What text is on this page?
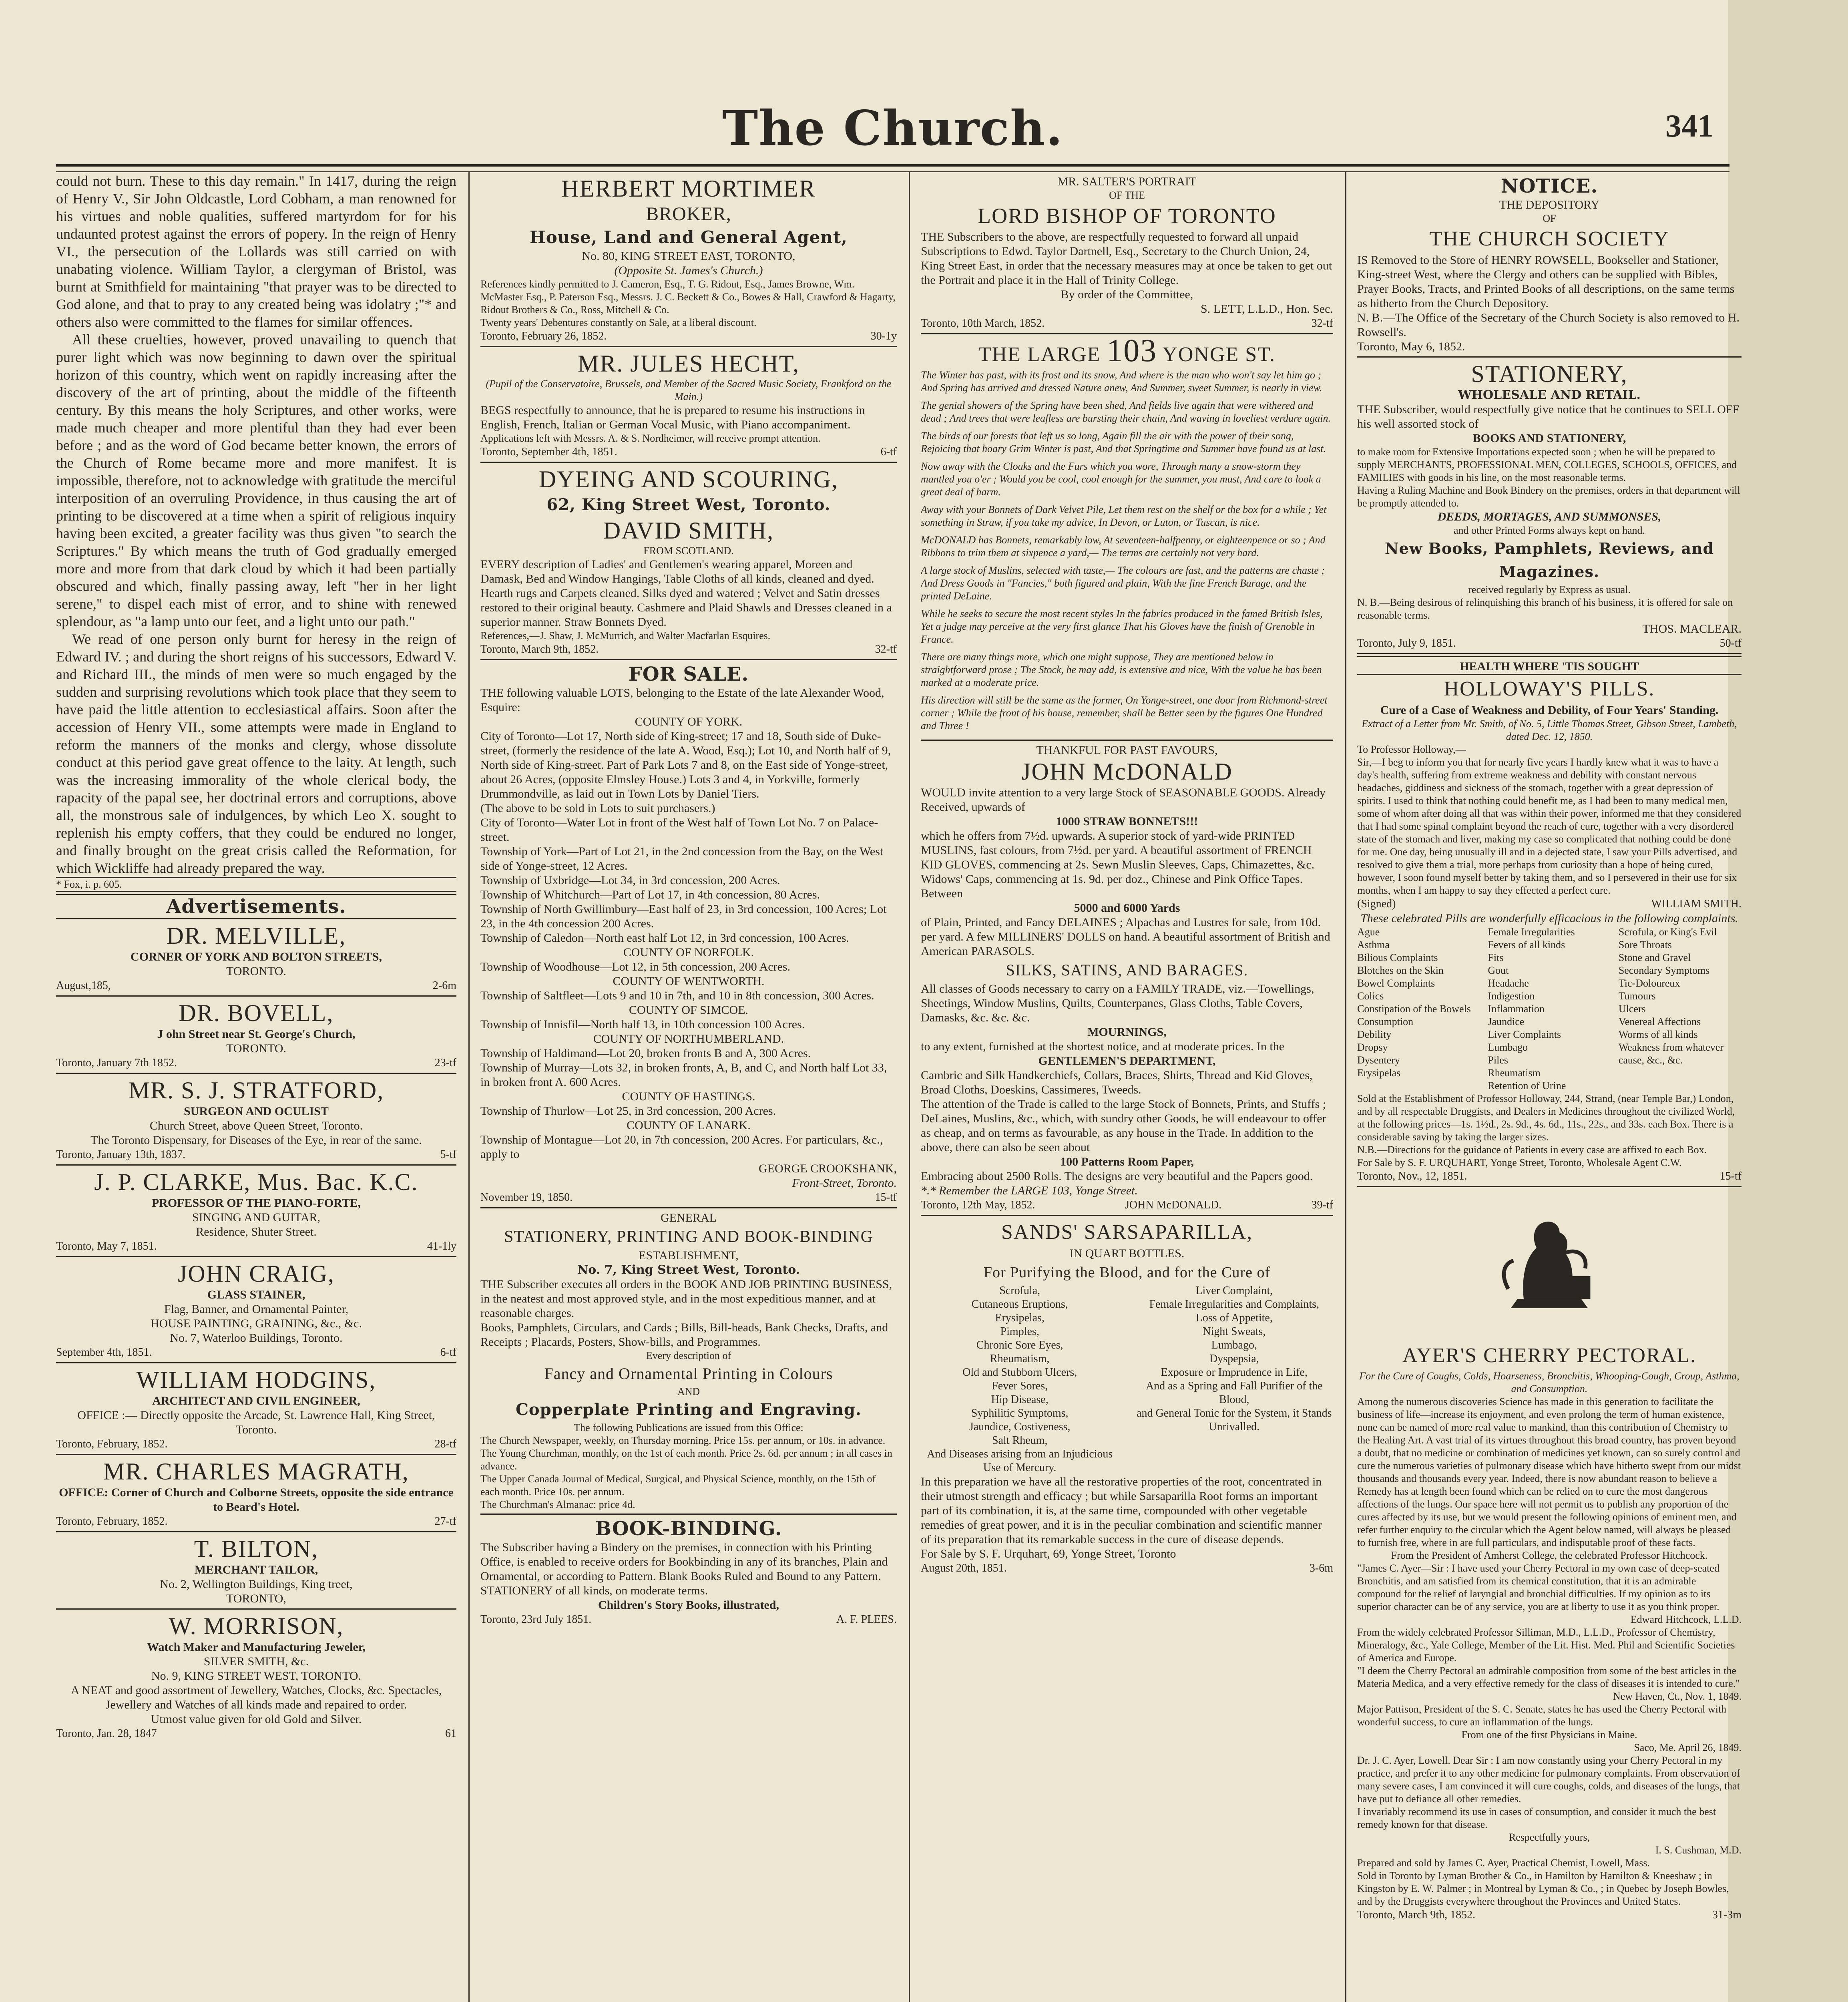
The Church.	341

could not burn. These to this day remain." In 1417, during the reign of Henry V., Sir John Oldcastle, Lord Cobham, a man renowned for his virtues and noble qualities, suffered martyrdom for for his undaunted protest against the errors of popery. In the reign of Henry VI., the persecution of the Lollards was still carried on with unabating violence. William Taylor, a clergyman of Bristol, was burnt at Smithfield for maintaining "that prayer was to be directed to God alone, and that to pray to any created being was idolatry ;"* and others also were committed to the flames for similar offences.

All these cruelties, however, proved unavailing to quench that purer light which was now beginning to dawn over the spiritual horizon of this country, which went on rapidly increasing after the discovery of the art of printing, about the middle of the fifteenth century. By this means the holy Scriptures, and other works, were made much cheaper and more plentiful than they had ever been before ; and as the word of God became better known, the errors of the Church of Rome became more and more manifest. It is impossible, therefore, not to acknowledge with gratitude the merciful interposition of an overruling Providence, in thus causing the art of printing to be discovered at a time when a spirit of religious inquiry having been excited, a greater facility was thus given "to search the Scriptures." By which means the truth of God gradually emerged more and more from that dark cloud by which it had been partially obscured and which, finally passing away, left "her in her light serene," to dispel each mist of error, and to shine with renewed splendour, as "a lamp unto our feet, and a light unto our path."

We read of one person only burnt for heresy in the reign of Edward IV. ; and during the short reigns of his successors, Edward V. and Richard III., the minds of men were so much engaged by the sudden and surprising revolutions which took place that they seem to have paid the little attention to ecclesiastical affairs. Soon after the accession of Henry VII., some attempts were made in England to reform the manners of the monks and clergy, whose dissolute conduct at this period gave great offence to the laity. At length, such was the increasing immorality of the whole clerical body, the rapacity of the papal see, her doctrinal errors and corruptions, above all, the monstrous sale of indulgences, by which Leo X. sought to replenish his empty coffers, that they could be endured no longer, and finally brought on the great crisis called the Reformation, for which Wickliffe had already prepared the way.

* Fox, i. p. 605.

Advertisements.

DR. MELVILLE,

CORNER OF YORK AND BOLTON STREETS,

TORONTO.

August,185,	2-6m

DR. BOVELL,

J ohn Street near St. George's Church,

TORONTO.

Toronto, January 7th 1852.	23-tf

MR. S. J. STRATFORD,

SURGEON AND OCULIST

Church Street, above Queen Street, Toronto.

The Toronto Dispensary, for Diseases of the Eye, in rear of the same.

Toronto, January 13th, 1837.	5-tf

J. P. CLARKE, Mus. Bac. K.C.

PROFESSOR OF THE PIANO-FORTE,

SINGING AND GUITAR,

Residence, Shuter Street.

Toronto, May 7, 1851.	41-1ly

JOHN CRAIG,

GLASS STAINER,

Flag, Banner, and Ornamental Painter,

HOUSE PAINTING, GRAINING, &c., &c.

No. 7, Waterloo Buildings, Toronto.

September 4th, 1851.	6-tf

WILLIAM HODGINS,

ARCHITECT AND CIVIL ENGINEER,

OFFICE :— Directly opposite the Arcade, St. Lawrence Hall, King Street, Toronto.

Toronto, February, 1852.	28-tf

MR. CHARLES MAGRATH,

OFFICE: Corner of Church and Colborne Streets, opposite the side entrance to Beard's Hotel.

Toronto, February, 1852.	27-tf

T. BILTON,

MERCHANT TAILOR,

No. 2, Wellington Buildings, King treet,

TORONTO,

W. MORRISON,

Watch Maker and Manufacturing Jeweler,

SILVER SMITH, &c.

No. 9, KING STREET WEST, TORONTO.

A NEAT and good assortment of Jewellery, Watches, Clocks, &c. Spectacles, Jewellery and Watches of all kinds made and repaired to order.

Utmost value given for old Gold and Silver.

Toronto, Jan. 28, 1847	61

HERBERT MORTIMER

BROKER,

House, Land and General Agent,

No. 80, KING STREET EAST, TORONTO,

(Opposite St. James's Church.)

References kindly permitted to J. Cameron, Esq., T. G. Ridout, Esq., James Browne, Wm. McMaster Esq., P. Paterson Esq., Messrs. J. C. Beckett & Co., Bowes & Hall, Crawford & Hagarty, Ridout Brothers & Co., Ross, Mitchell & Co.

Twenty years' Debentures constantly on Sale, at a liberal discount.

Toronto, February 26, 1852.	30-1y

MR. JULES HECHT,

(Pupil of the Conservatoire, Brussels, and Member of the Sacred Music Society, Frankford on the Main.)

BEGS respectfully to announce, that he is prepared to resume his instructions in English, French, Italian or German Vocal Music, with Piano accompaniment.

Applications left with Messrs. A. & S. Nordheimer, will receive prompt attention.

Toronto, September 4th, 1851.	6-tf

DYEING AND SCOURING,

62, King Street West, Toronto.

DAVID SMITH,

FROM SCOTLAND.

EVERY description of Ladies' and Gentlemen's wearing apparel, Moreen and Damask, Bed and Window Hangings, Table Cloths of all kinds, cleaned and dyed. Hearth rugs and Carpets cleaned. Silks dyed and watered ; Velvet and Satin dresses restored to their original beauty. Cashmere and Plaid Shawls and Dresses cleaned in a superior manner. Straw Bonnets Dyed.

References,—J. Shaw, J. McMurrich, and Walter Macfarlan Esquires.

Toronto, March 9th, 1852.	32-tf

FOR SALE.

THE following valuable LOTS, belonging to the Estate of the late Alexander Wood, Esquire:

COUNTY OF YORK.

City of Toronto—Lot 17, North side of King-street; 17 and 18, South side of Duke-street, (formerly the residence of the late A. Wood, Esq.); Lot 10, and North half of 9, North side of King-street. Part of Park Lots 7 and 8, on the East side of Yonge-street, about 26 Acres, (opposite Elmsley House.) Lots 3 and 4, in Yorkville, formerly Drummondville, as laid out in Town Lots by Daniel Tiers.

(The above to be sold in Lots to suit purchasers.)

City of Toronto—Water Lot in front of the West half of Town Lot No. 7 on Palace-street.

Township of York—Part of Lot 21, in the 2nd concession from the Bay, on the West side of Yonge-street, 12 Acres.

Township of Uxbridge—Lot 34, in 3rd concession, 200 Acres.

Township of Whitchurch—Part of Lot 17, in 4th concession, 80 Acres.

Township of North Gwillimbury—East half of 23, in 3rd concession, 100 Acres; Lot 23, in the 4th concession 200 Acres.

Township of Caledon—North east half Lot 12, in 3rd concession, 100 Acres.

COUNTY OF NORFOLK.

Township of Woodhouse—Lot 12, in 5th concession, 200 Acres.

COUNTY OF WENTWORTH.

Township of Saltfleet—Lots 9 and 10 in 7th, and 10 in 8th concession, 300 Acres.

COUNTY OF SIMCOE.

Township of Innisfil—North half 13, in 10th concession 100 Acres.

COUNTY OF NORTHUMBERLAND.

Township of Haldimand—Lot 20, broken fronts B and A, 300 Acres.

Township of Murray—Lots 32, in broken fronts, A, B, and C, and North half Lot 33, in broken front A. 600 Acres.

COUNTY OF HASTINGS.

Township of Thurlow—Lot 25, in 3rd concession, 200 Acres.

COUNTY OF LANARK.

Township of Montague—Lot 20, in 7th concession, 200 Acres. For particulars, &c., apply to

GEORGE CROOKSHANK,

Front-Street, Toronto.

November 19, 1850.	15-tf

GENERAL

STATIONERY, PRINTING AND BOOK-BINDING

ESTABLISHMENT,

No. 7, King Street West, Toronto.

THE Subscriber executes all orders in the BOOK AND JOB PRINTING BUSINESS, in the neatest and most approved style, and in the most expeditious manner, and at reasonable charges.

Books, Pamphlets, Circulars, and Cards ; Bills, Bill-heads, Bank Checks, Drafts, and Receipts ; Placards, Posters, Show-bills, and Programmes.

Every description of

Fancy and Ornamental Printing in Colours

AND

Copperplate Printing and Engraving.

The following Publications are issued from this Office:

The Church Newspaper, weekly, on Thursday morning. Price 15s. per annum, or 10s. in advance.

The Young Churchman, monthly, on the 1st of each month. Price 2s. 6d. per annum ; in all cases in advance.

The Upper Canada Journal of Medical, Surgical, and Physical Science, monthly, on the 15th of each month. Price 10s. per annum.

The Churchman's Almanac: price 4d.

BOOK-BINDING.

The Subscriber having a Bindery on the premises, in connection with his Printing Office, is enabled to receive orders for Bookbinding in any of its branches, Plain and Ornamental, or according to Pattern. Blank Books Ruled and Bound to any Pattern.

STATIONERY of all kinds, on moderate terms.

Children's Story Books, illustrated,

Toronto, 23rd July 1851.	A. F. PLEES.

MR. SALTER'S PORTRAIT

OF THE

LORD BISHOP OF TORONTO

THE Subscribers to the above, are respectfully requested to forward all unpaid Subscriptions to Edwd. Taylor Dartnell, Esq., Secretary to the Church Union, 24, King Street East, in order that the necessary measures may at once be taken to get out the Portrait and place it in the Hall of Trinity College.

By order of the Committee,

S. LETT, L.L.D., Hon. Sec.

Toronto, 10th March, 1852.	32-tf

THE LARGE 103 YONGE ST.

The Winter has past, with its frost and its snow, And where is the man who won't say let him go ; And Spring has arrived and dressed Nature anew, And Summer, sweet Summer, is nearly in view.

The genial showers of the Spring have been shed, And fields live again that were withered and dead ; And trees that were leafless are bursting their chain, And waving in loveliest verdure again.

The birds of our forests that left us so long, Again fill the air with the power of their song, Rejoicing that hoary Grim Winter is past, And that Springtime and Summer have found us at last.

Now away with the Cloaks and the Furs which you wore, Through many a snow-storm they mantled you o'er ; Would you be cool, cool enough for the summer, you must, And care to look a great deal of harm.

Away with your Bonnets of Dark Velvet Pile, Let them rest on the shelf or the box for a while ; Yet something in Straw, if you take my advice, In Devon, or Luton, or Tuscan, is nice.

McDONALD has Bonnets, remarkably low, At seventeen-halfpenny, or eighteenpence or so ; And Ribbons to trim them at sixpence a yard,— The terms are certainly not very hard.

A large stock of Muslins, selected with taste,— The colours are fast, and the patterns are chaste ; And Dress Goods in "Fancies," both figured and plain, With the fine French Barage, and the printed DeLaine.

While he seeks to secure the most recent styles In the fabrics produced in the famed British Isles, Yet a judge may perceive at the very first glance That his Gloves have the finish of Grenoble in France.

There are many things more, which one might suppose, They are mentioned below in straightforward prose ; The Stock, he may add, is extensive and nice, With the value he has been marked at a moderate price.

His direction will still be the same as the former, On Yonge-street, one door from Richmond-street corner ; While the front of his house, remember, shall be Better seen by the figures One Hundred and Three !

THANKFUL FOR PAST FAVOURS,

JOHN McDONALD

WOULD invite attention to a very large Stock of SEASONABLE GOODS. Already Received, upwards of

1000 STRAW BONNETS!!!

which he offers from 7½d. upwards. A superior stock of yard-wide PRINTED MUSLINS, fast colours, from 7½d. per yard. A beautiful assortment of FRENCH KID GLOVES, commencing at 2s. Sewn Muslin Sleeves, Caps, Chimazettes, &c. Widows' Caps, commencing at 1s. 9d. per doz., Chinese and Pink Office Tapes. Between

5000 and 6000 Yards

of Plain, Printed, and Fancy DELAINES ; Alpachas and Lustres for sale, from 10d. per yard. A few MILLINERS' DOLLS on hand. A beautiful assortment of British and American PARASOLS.

SILKS, SATINS, AND BARAGES.

All classes of Goods necessary to carry on a FAMILY TRADE, viz.—Towellings, Sheetings, Window Muslins, Quilts, Counterpanes, Glass Cloths, Table Covers, Damasks, &c. &c. &c.

MOURNINGS,

to any extent, furnished at the shortest notice, and at moderate prices. In the

GENTLEMEN'S DEPARTMENT,

Cambric and Silk Handkerchiefs, Collars, Braces, Shirts, Thread and Kid Gloves, Broad Cloths, Doeskins, Cassimeres, Tweeds.

The attention of the Trade is called to the large Stock of Bonnets, Prints, and Stuffs ; DeLaines, Muslins, &c., which, with sundry other Goods, he will endeavour to offer as cheap, and on terms as favourable, as any house in the Trade. In addition to the above, there can also be seen about

100 Patterns Room Paper,

Embracing about 2500 Rolls. The designs are very beautiful and the Papers good.

*.* Remember the LARGE 103, Yonge Street.

Toronto, 12th May, 1852.	JOHN McDONALD.	39-tf

SANDS' SARSAPARILLA,

IN QUART BOTTLES.

For Purifying the Blood, and for the Cure of

Scrofula,
Cutaneous Eruptions,
Erysipelas,
Pimples,
Chronic Sore Eyes,
Rheumatism,
Old and Stubborn Ulcers,
Fever Sores,
Hip Disease,
Syphilitic Symptoms,
Jaundice, Costiveness,
Salt Rheum,
And Diseases arising from an Injudicious Use of Mercury.
Liver Complaint,
Female Irregularities and Complaints,
Loss of Appetite,
Night Sweats,
Lumbago,
Dyspepsia,
Exposure or Imprudence in Life,
And as a Spring and Fall Purifier of the Blood,
and General Tonic for the System, it Stands Unrivalled.

In this preparation we have all the restorative properties of the root, concentrated in their utmost strength and efficacy ; but while Sarsaparilla Root forms an important part of its combination, it is, at the same time, compounded with other vegetable remedies of great power, and it is in the peculiar combination and scientific manner of its preparation that its remarkable success in the cure of disease depends.

For Sale by S. F. Urquhart, 69, Yonge Street, Toronto

August 20th, 1851.	3-6m

NOTICE.

THE DEPOSITORY

OF

THE CHURCH SOCIETY

IS Removed to the Store of HENRY ROWSELL, Bookseller and Stationer, King-street West, where the Clergy and others can be supplied with Bibles, Prayer Books, Tracts, and Printed Books of all descriptions, on the same terms as hitherto from the Church Depository.

N. B.—The Office of the Secretary of the Church Society is also removed to H. Rowsell's.

Toronto, May 6, 1852.

STATIONERY,

WHOLESALE AND RETAIL.

THE Subscriber, would respectfully give notice that he continues to SELL OFF his well assorted stock of

BOOKS AND STATIONERY,

to make room for Extensive Importations expected soon ; when he will be prepared to supply MERCHANTS, PROFESSIONAL MEN, COLLEGES, SCHOOLS, OFFICES, and FAMILIES with goods in his line, on the most reasonable terms.

Having a Ruling Machine and Book Bindery on the premises, orders in that department will be promptly attended to.

DEEDS, MORTAGES, AND SUMMONSES,

and other Printed Forms always kept on hand.

New Books, Pamphlets, Reviews, and Magazines.

received regularly by Express as usual.

N. B.—Being desirous of relinquishing this branch of his business, it is offered for sale on reasonable terms.

THOS. MACLEAR.

Toronto, July 9, 1851.	50-tf

HEALTH WHERE 'TIS SOUGHT

HOLLOWAY'S PILLS.

Cure of a Case of Weakness and Debility, of Four Years' Standing.

Extract of a Letter from Mr. Smith, of No. 5, Little Thomas Street, Gibson Street, Lambeth, dated Dec. 12, 1850.

To Professor Holloway,—

Sir,—I beg to inform you that for nearly five years I hardly knew what it was to have a day's health, suffering from extreme weakness and debility with constant nervous headaches, giddiness and sickness of the stomach, together with a great depression of spirits. I used to think that nothing could benefit me, as I had been to many medical men, some of whom after doing all that was within their power, informed me that they considered that I had some spinal complaint beyond the reach of cure, together with a very disordered state of the stomach and liver, making my case so complicated that nothing could be done for me. One day, being unusually ill and in a dejected state, I saw your Pills advertised, and resolved to give them a trial, more perhaps from curiosity than a hope of being cured, however, I soon found myself better by taking them, and so I persevered in their use for six months, when I am happy to say they effected a perfect cure.

(Signed)	WILLIAM SMITH.

These celebrated Pills are wonderfully efficacious in the following complaints.

Ague
Asthma
Bilious Complaints
Blotches on the Skin
Bowel Complaints
Colics
Constipation of the Bowels
Consumption
Debility
Dropsy
Dysentery
Erysipelas
Female Irregularities
Fevers of all kinds
Fits
Gout
Headache
Indigestion
Inflammation
Jaundice
Liver Complaints
Lumbago
Piles
Rheumatism
Retention of Urine
Scrofula, or King's Evil
Sore Throats
Stone and Gravel
Secondary Symptoms
Tic-Doloureux
Tumours
Ulcers
Venereal Affections
Worms of all kinds
Weakness from whatever cause, &c., &c.

Sold at the Establishment of Professor Holloway, 244, Strand, (near Temple Bar,) London, and by all respectable Druggists, and Dealers in Medicines throughout the civilized World, at the following prices—1s. 1½d., 2s. 9d., 4s. 6d., 11s., 22s., and 33s. each Box. There is a considerable saving by taking the larger sizes.

N.B.—Directions for the guidance of Patients in every case are affixed to each Box.

For Sale by S. F. URQUHART, Yonge Street, Toronto, Wholesale Agent C.W.

Toronto, Nov., 12, 1851.	15-tf

AYER'S CHERRY PECTORAL.

For the Cure of Coughs, Colds, Hoarseness, Bronchitis, Whooping-Cough, Croup, Asthma, and Consumption.

Among the numerous discoveries Science has made in this generation to facilitate the business of life—increase its enjoyment, and even prolong the term of human existence, none can be named of more real value to mankind, than this contribution of Chemistry to the Healing Art. A vast trial of its virtues throughout this broad country, has proven beyond a doubt, that no medicine or combination of medicines yet known, can so surely control and cure the numerous varieties of pulmonary disease which have hitherto swept from our midst thousands and thousands every year. Indeed, there is now abundant reason to believe a Remedy has at length been found which can be relied on to cure the most dangerous affections of the lungs. Our space here will not permit us to publish any proportion of the cures affected by its use, but we would present the following opinions of eminent men, and refer further enquiry to the circular which the Agent below named, will always be pleased to furnish free, where in are full particulars, and indisputable proof of these facts.

From the President of Amherst College, the celebrated Professor Hitchcock.

"James C. Ayer—Sir : I have used your Cherry Pectoral in my own case of deep-seated Bronchitis, and am satisfied from its chemical constitution, that it is an admirable compound for the relief of laryngial and bronchial difficulties. If my opinion as to its superior character can be of any service, you are at liberty to use it as you think proper.

Edward Hitchcock, L.L.D.

From the widely celebrated Professor Silliman, M.D., L.L.D., Professor of Chemistry, Mineralogy, &c., Yale College, Member of the Lit. Hist. Med. Phil and Scientific Societies of America and Europe.

"I deem the Cherry Pectoral an admirable composition from some of the best articles in the Materia Medica, and a very effective remedy for the class of diseases it is intended to cure."

New Haven, Ct., Nov. 1, 1849.

Major Pattison, President of the S. C. Senate, states he has used the Cherry Pectoral with wonderful success, to cure an inflammation of the lungs.

From one of the first Physicians in Maine.

Saco, Me. April 26, 1849.

Dr. J. C. Ayer, Lowell. Dear Sir : I am now constantly using your Cherry Pectoral in my practice, and prefer it to any other medicine for pulmonary complaints. From observation of many severe cases, I am convinced it will cure coughs, colds, and diseases of the lungs, that have put to defiance all other remedies.

I invariably recommend its use in cases of consumption, and consider it much the best remedy known for that disease.

Respectfully yours,

I. S. Cushman, M.D.

Prepared and sold by James C. Ayer, Practical Chemist, Lowell, Mass.

Sold in Toronto by Lyman Brother & Co., in Hamilton by Hamilton & Kneeshaw ; in Kingston by E. W. Palmer ; in Montreal by Lyman & Co., ; in Quebec by Joseph Bowles, and by the Druggists everywhere throughout the Provinces and United States.

Toronto, March 9th, 1852.	31-3m
